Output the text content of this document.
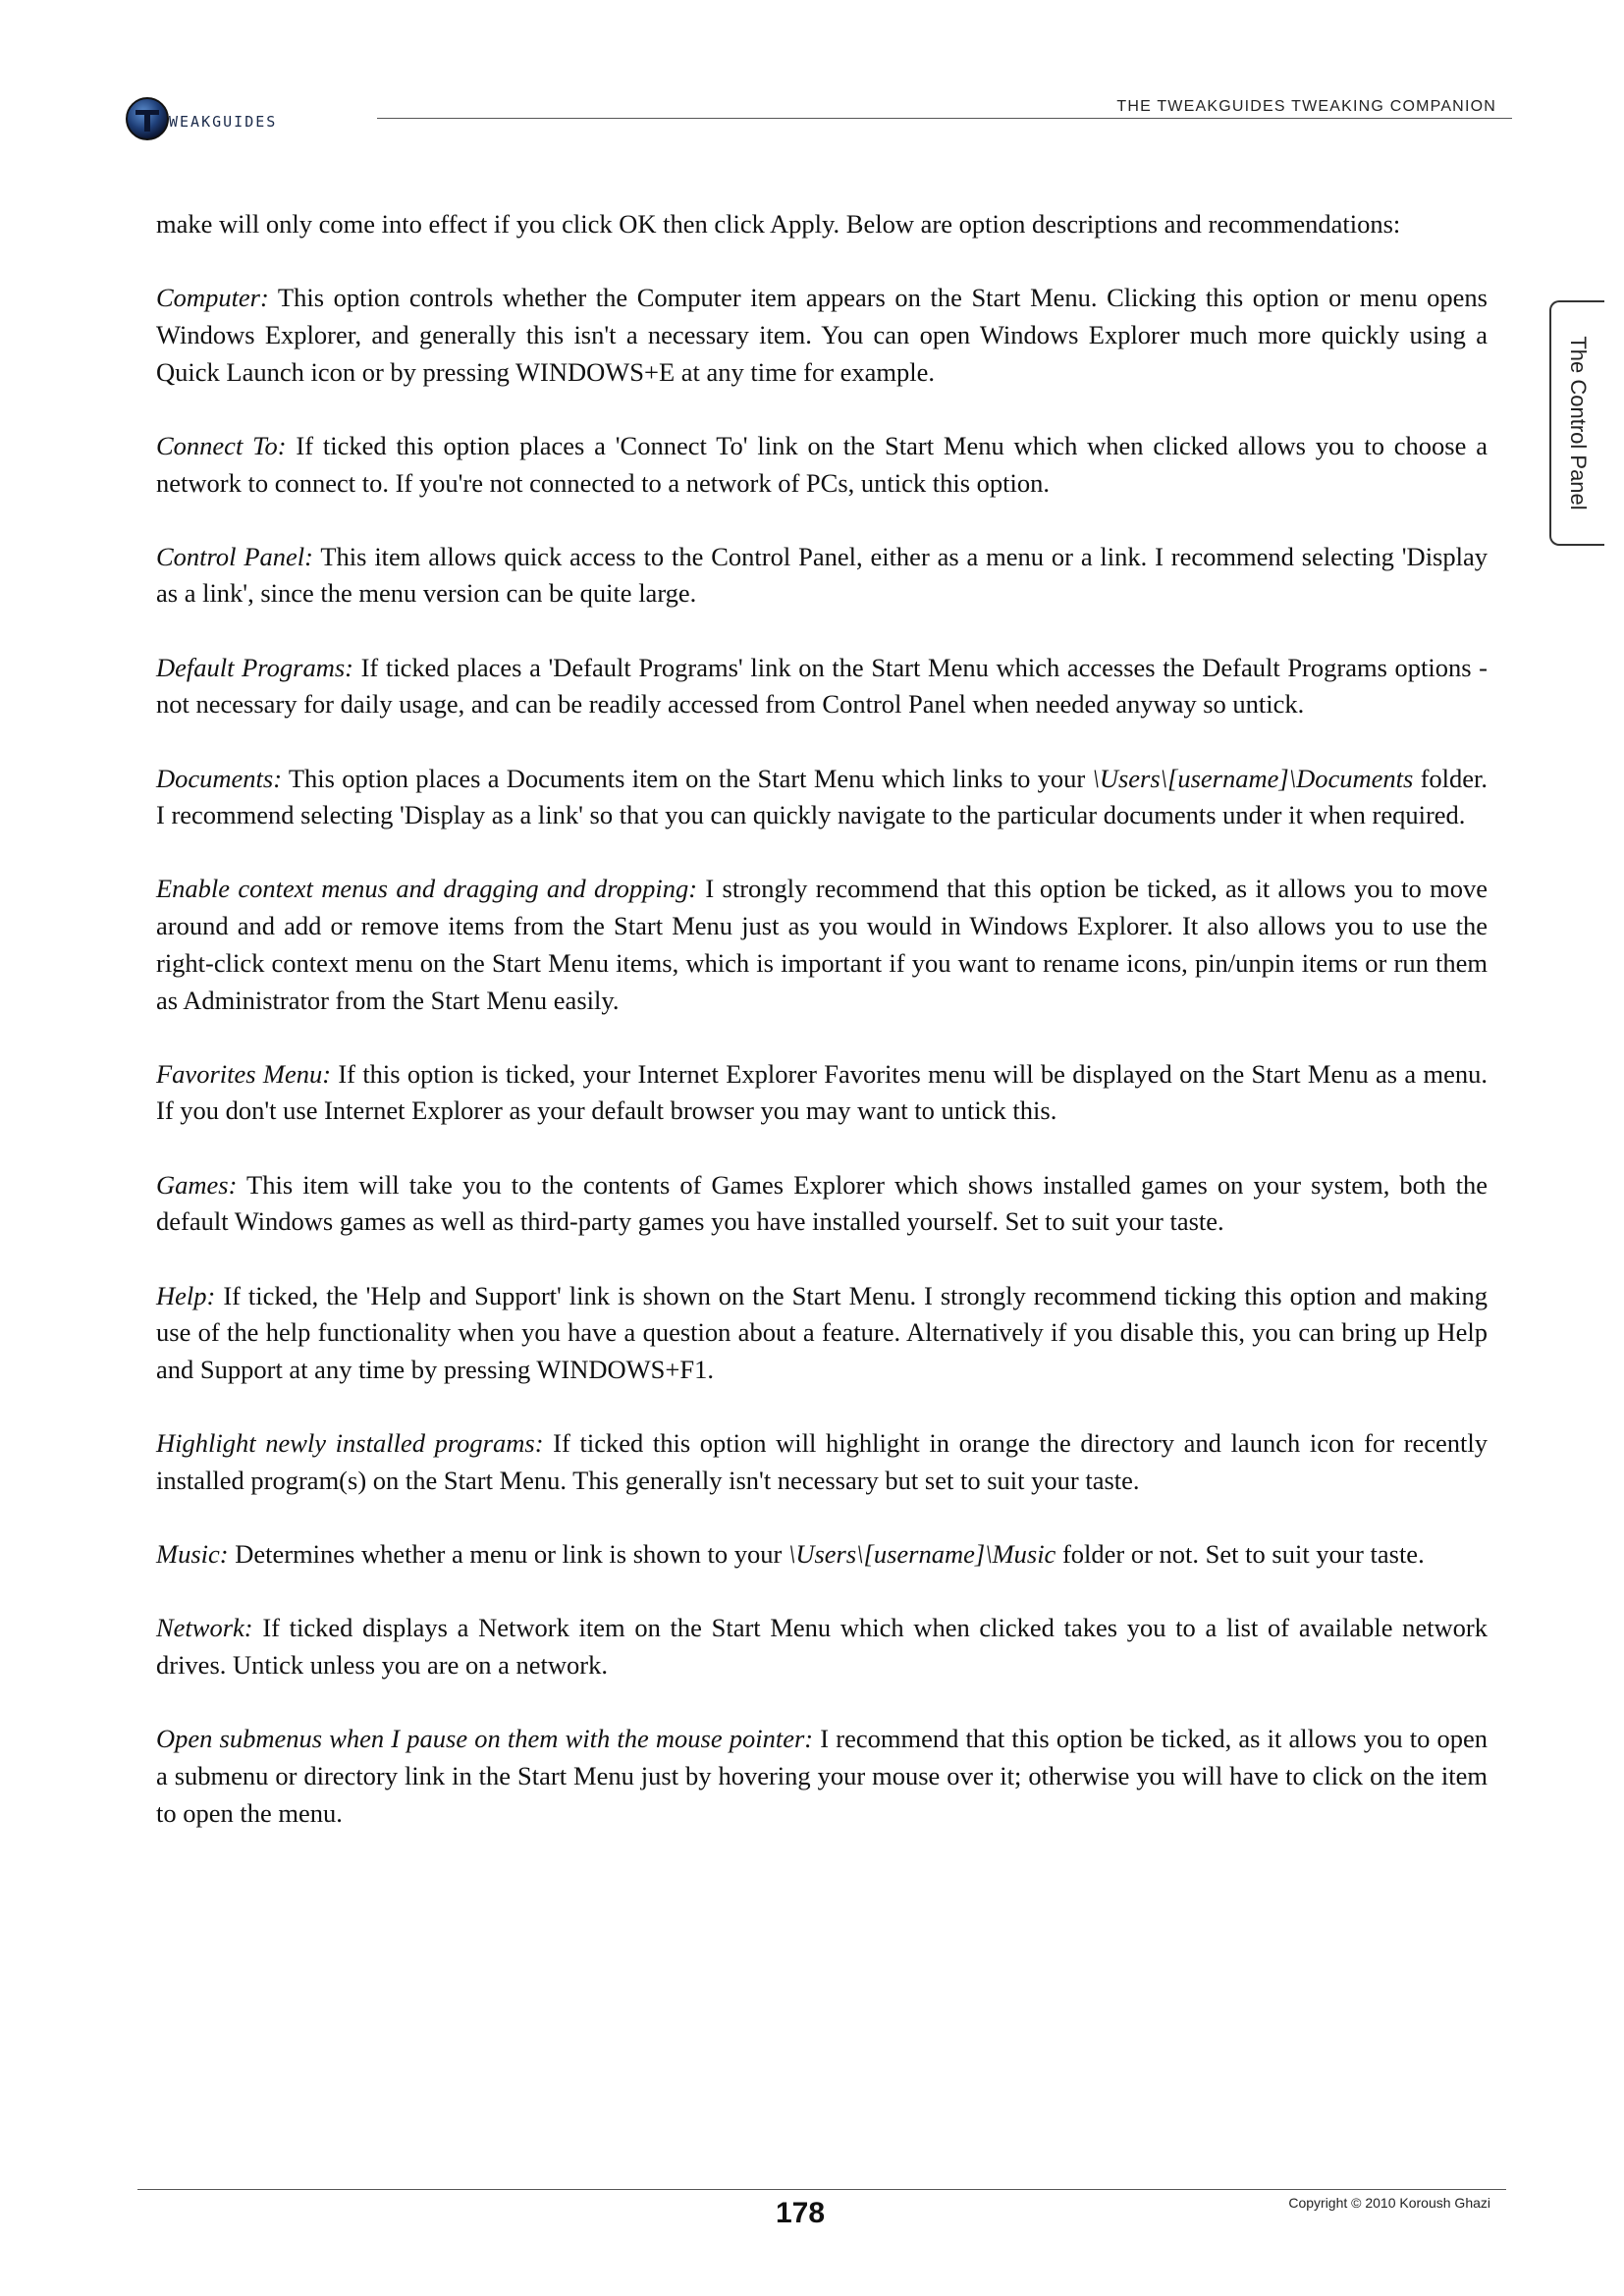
WEAKGUIDES
THE TWEAKGUIDES TWEAKING COMPANION
The Control Panel

make will only come into effect if you click OK then click Apply. Below are option descriptions and recommendations:

Computer: This option controls whether the Computer item appears on the Start Menu. Clicking this option or menu opens Windows Explorer, and generally this isn't a necessary item. You can open Windows Explorer much more quickly using a Quick Launch icon or by pressing WINDOWS+E at any time for example.

Connect To: If ticked this option places a 'Connect To' link on the Start Menu which when clicked allows you to choose a network to connect to. If you're not connected to a network of PCs, untick this option.

Control Panel: This item allows quick access to the Control Panel, either as a menu or a link. I recommend selecting 'Display as a link', since the menu version can be quite large.

Default Programs: If ticked places a 'Default Programs' link on the Start Menu which accesses the Default Programs options - not necessary for daily usage, and can be readily accessed from Control Panel when needed anyway so untick.

Documents: This option places a Documents item on the Start Menu which links to your \Users\[username]\Documents folder. I recommend selecting 'Display as a link' so that you can quickly navigate to the particular documents under it when required.

Enable context menus and dragging and dropping: I strongly recommend that this option be ticked, as it allows you to move around and add or remove items from the Start Menu just as you would in Windows Explorer. It also allows you to use the right-click context menu on the Start Menu items, which is important if you want to rename icons, pin/unpin items or run them as Administrator from the Start Menu easily.

Favorites Menu: If this option is ticked, your Internet Explorer Favorites menu will be displayed on the Start Menu as a menu. If you don't use Internet Explorer as your default browser you may want to untick this.

Games: This item will take you to the contents of Games Explorer which shows installed games on your system, both the default Windows games as well as third-party games you have installed yourself. Set to suit your taste.

Help: If ticked, the 'Help and Support' link is shown on the Start Menu. I strongly recommend ticking this option and making use of the help functionality when you have a question about a feature. Alternatively if you disable this, you can bring up Help and Support at any time by pressing WINDOWS+F1.

Highlight newly installed programs: If ticked this option will highlight in orange the directory and launch icon for recently installed program(s) on the Start Menu. This generally isn't necessary but set to suit your taste.

Music: Determines whether a menu or link is shown to your \Users\[username]\Music folder or not. Set to suit your taste.

Network: If ticked displays a Network item on the Start Menu which when clicked takes you to a list of available network drives. Untick unless you are on a network.

Open submenus when I pause on them with the mouse pointer: I recommend that this option be ticked, as it allows you to open a submenu or directory link in the Start Menu just by hovering your mouse over it; otherwise you will have to click on the item to open the menu.

178	Copyright © 2010 Koroush Ghazi
